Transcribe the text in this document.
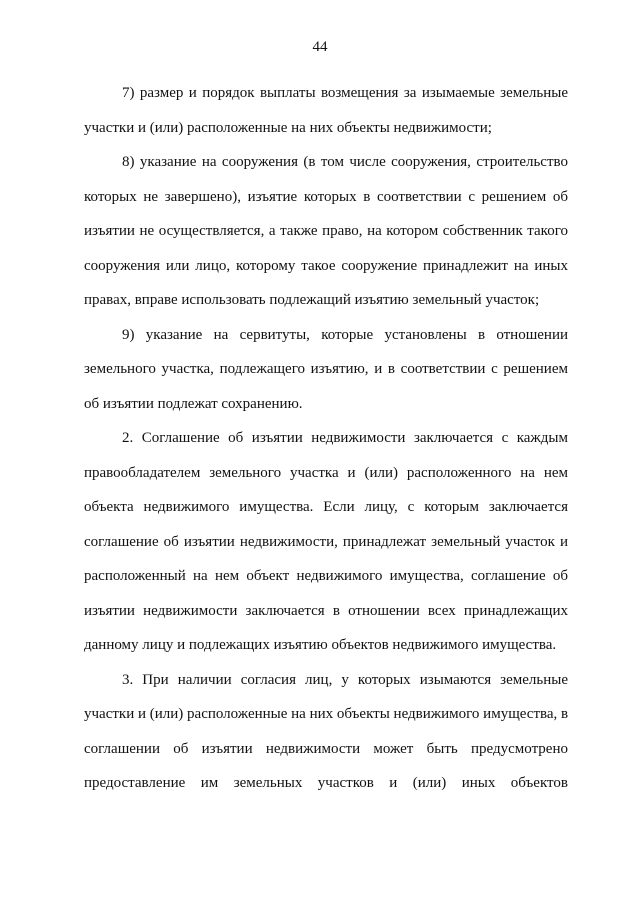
44

7) размер и порядок выплаты возмещения за изымаемые земельные
участки и (или) расположенные на них объекты недвижимости;

8) указание на сооружения (в том числе сооружения, строительство
которых не завершено), изъятие которых в соответствии с решением об
изъятии не осуществляется, а также право, на котором собственник такого
сооружения или лицо, которому такое сооружение принадлежит на иных
правах, вправе использовать подлежащий изъятию земельный участок;

9) указание на сервитуты, которые установлены в отношении
земельного участка, подлежащего изъятию, и в соответствии с решением
об изъятии подлежат сохранению.

2. Соглашение об изъятии недвижимости заключается с каждым
правообладателем земельного участка и (или) расположенного на нем
объекта недвижимого имущества. Если лицу, с которым заключается
соглашение об изъятии недвижимости, принадлежат земельный участок и
расположенный на нем объект недвижимого имущества, соглашение об
изъятии недвижимости заключается в отношении всех принадлежащих
данному лицу и подлежащих изъятию объектов недвижимого имущества.

3. При наличии согласия лиц, у которых изымаются земельные
участки и (или) расположенные на них объекты недвижимого имущества, в
соглашении об изъятии недвижимости может быть предусмотрено
предоставление им земельных участков и (или) иных объектов
